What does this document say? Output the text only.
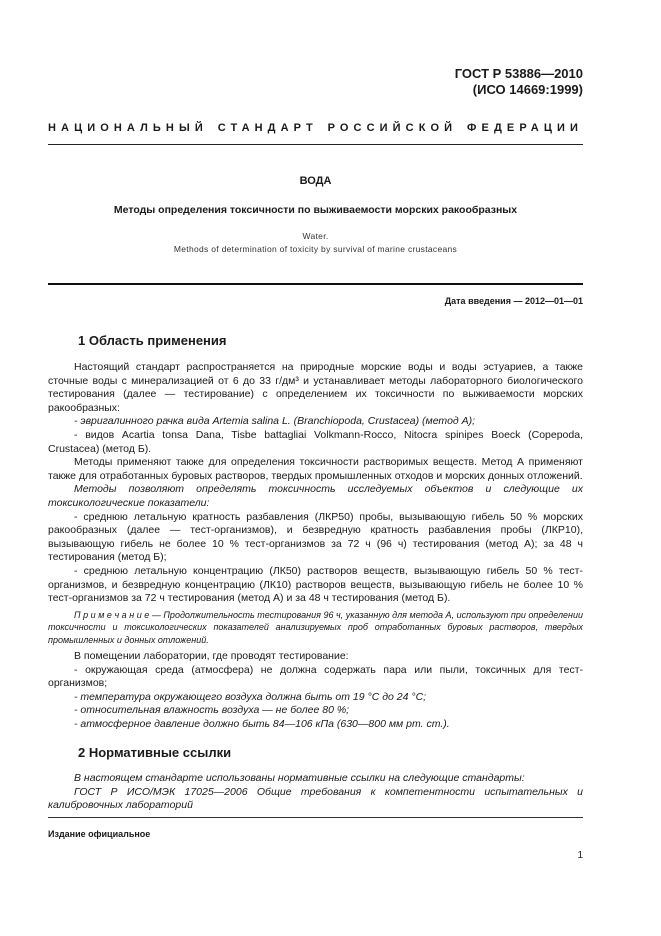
ГОСТ Р 53886—2010
(ИСО 14669:1999)
НАЦИОНАЛЬНЫЙ СТАНДАРТ РОССИЙСКОЙ ФЕДЕРАЦИИ
ВОДА
Методы определения токсичности по выживаемости морских ракообразных
Water.
Methods of determination of toxicity by survival of marine crustaceans
Дата введения — 2012—01—01
1 Область применения

Настоящий стандарт распространяется на природные морские воды и воды эстуариев, а также сточные воды с минерализацией от 6 до 33 г/дм³ и устанавливает методы лабораторного биологического тестирования (далее — тестирование) с определением их токсичности по выживаемости морских ракообразных:

- эвригалинного рачка вида Artemia salina L. (Branchiopoda, Crustacea) (метод А);

- видов Acartia tonsa Dana, Tisbe battagliai Volkmann-Rocco, Nitocra spinipes Boeck (Copepoda, Crustacea) (метод Б).

Методы применяют также для определения токсичности растворимых веществ. Метод А применяют также для отработанных буровых растворов, твердых промышленных отходов и морских донных отложений.

Методы позволяют определять токсичность исследуемых объектов и следующие их токсикологические показатели:

- среднюю летальную кратность разбавления (ЛКР50) пробы, вызывающую гибель 50 % морских ракообразных (далее — тест-организмов), и безвредную кратность разбавления пробы (ЛКР10), вызывающую гибель не более 10 % тест-организмов за 72 ч (96 ч) тестирования (метод А); за 48 ч тестирования (метод Б);

- среднюю летальную концентрацию (ЛК50) растворов веществ, вызывающую гибель 50 % тест-организмов, и безвредную концентрацию (ЛК10) растворов веществ, вызывающую гибель не более 10 % тест-организмов за 72 ч тестирования (метод А) и за 48 ч тестирования (метод Б).

П р и м е ч а н и е — Продолжительность тестирования 96 ч, указанную для метода А, используют при определении токсичности и токсикологических показателей анализируемых проб отработанных буровых растворов, твердых промышленных и донных отложений.

В помещении лаборатории, где проводят тестирование:

- окружающая среда (атмосфера) не должна содержать пара или пыли, токсичных для тест-организмов;

- температура окружающего воздуха должна быть от 19 °С до 24 °С;

- относительная влажность воздуха — не более 80 %;

- атмосферное давление должно быть 84—106 кПа (630—800 мм рт. ст.).

2 Нормативные ссылки

В настоящем стандарте использованы нормативные ссылки на следующие стандарты:

ГОСТ Р ИСО/МЭК 17025—2006 Общие требования к компетентности испытательных и калибровочных лабораторий

Издание официальное
1
